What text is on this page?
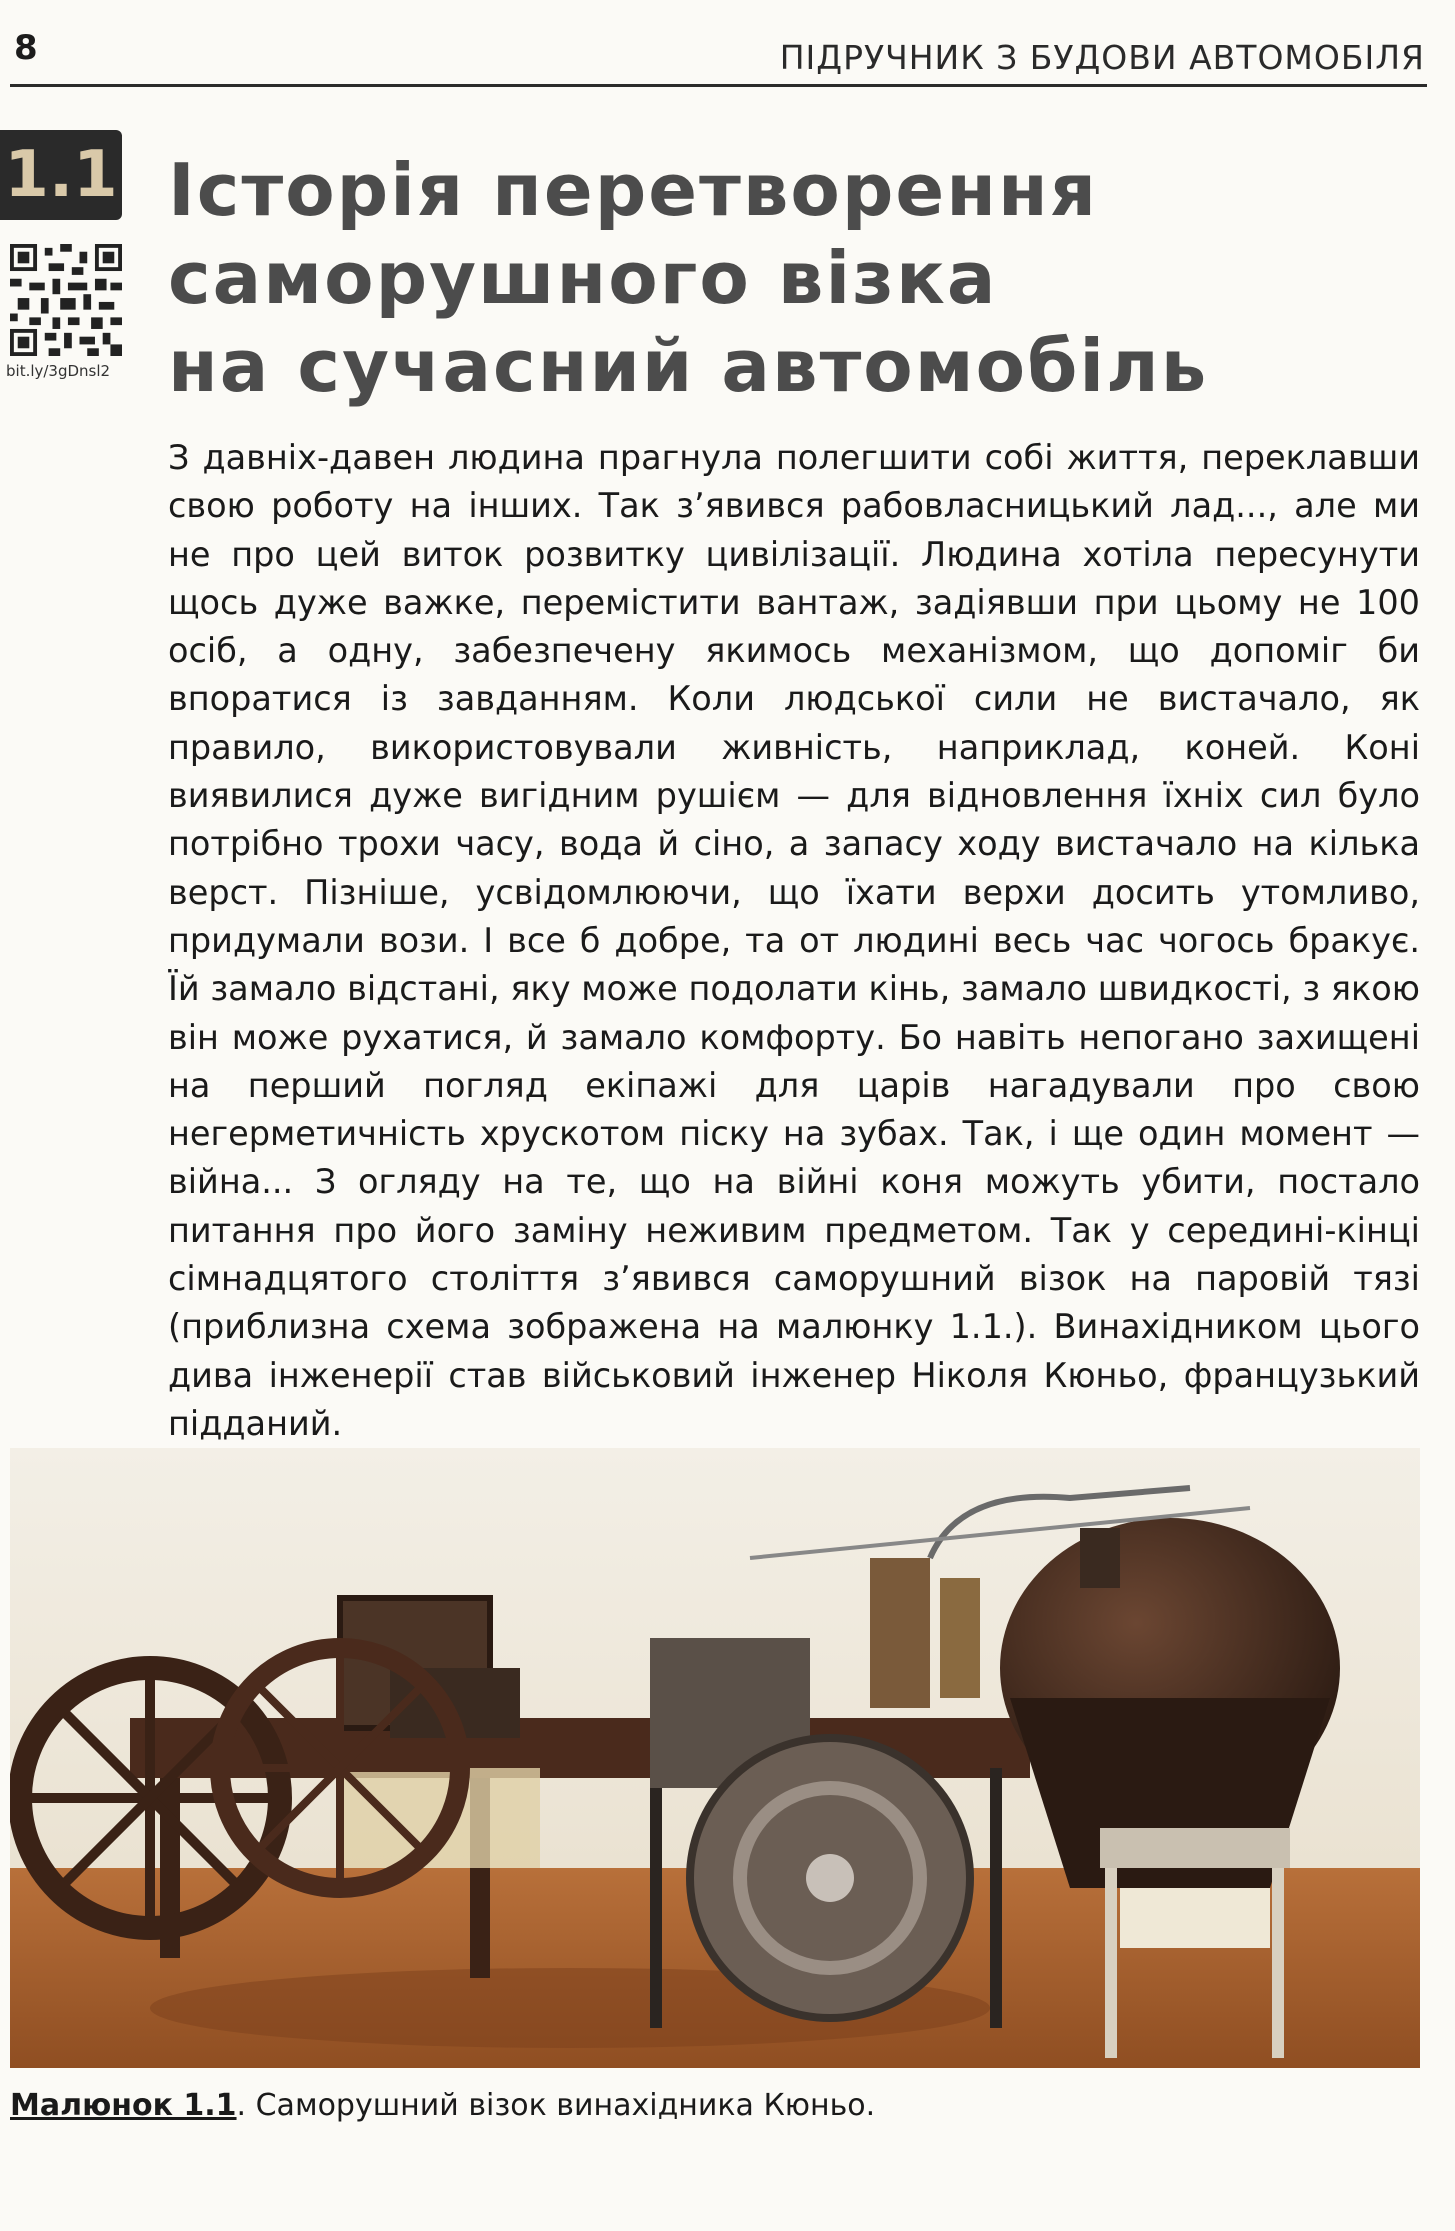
8	ПІДРУЧНИК З БУДОВИ АВТОМОБІЛЯ
1.1
bit.ly/3gDnsl2
Історія перетворення
саморушного візка
на сучасний автомобіль

З давніх-давен людина прагнула полегшити собі життя, переклавши свою роботу на інших. Так з’явився рабовласницький лад..., але ми не про цей виток розвитку цивілізації. Людина хотіла пересунути щось дуже важке, перемістити вантаж, задіявши при цьому не 100 осіб, а одну, забезпечену якимось механізмом, що допоміг би впоратися із завданням. Коли людської сили не вистачало, як правило, використовували живність, наприклад, коней. Коні виявилися дуже вигідним рушієм — для відновлення їхніх сил було потрібно трохи часу, вода й сіно, а запасу ходу вистачало на кілька верст. Пізніше, усвідомлюючи, що їхати верхи досить утомливо, придумали вози. І все б добре, та от людині весь час чогось бракує. Їй замало відстані, яку може подолати кінь, замало швидкості, з якою він може рухатися, й замало комфорту. Бо навіть непогано захищені на перший погляд екіпажі для царів нагадували про свою негерметичність хрускотом піску на зубах. Так, і ще один момент — війна... З огляду на те, що на війні коня можуть убити, постало питання про його заміну неживим предметом. Так у середині-кінці сімнадцятого століття з’явився саморушний візок на паровій тязі (приблизна схема зображена на малюнку 1.1.). Винахідником цього дива інженерії став військовий інженер Ніколя Кюньо, французький підданий.

Малюнок 1.1. Саморушний візок винахідника Кюньо.
